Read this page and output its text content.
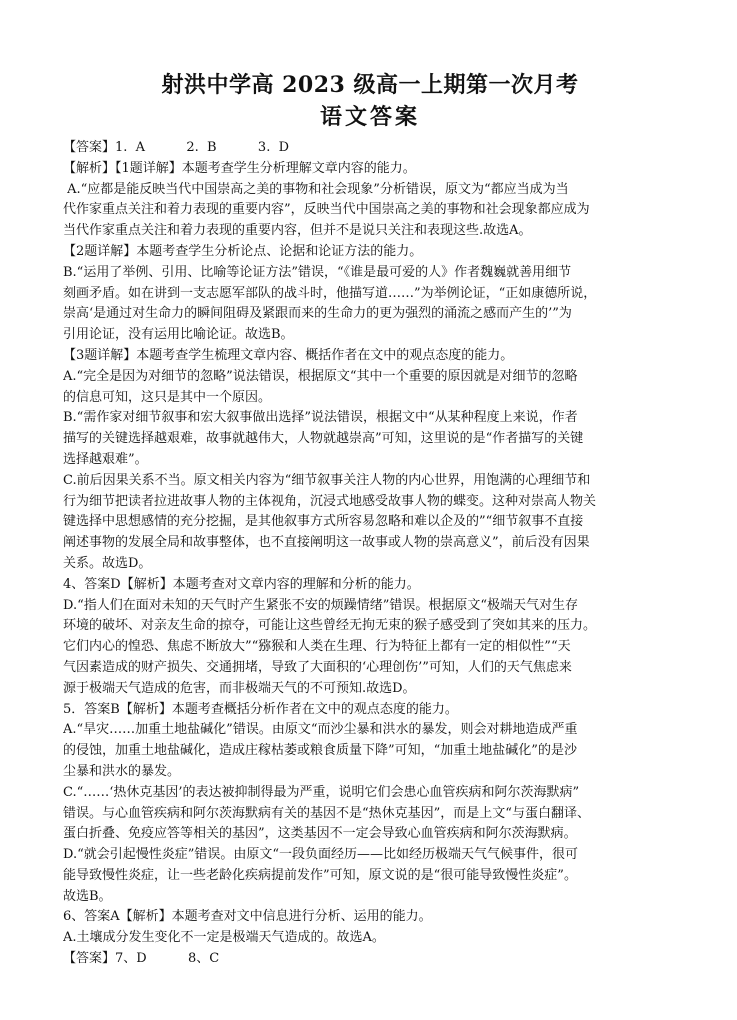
射洪中学高 2023 级高一上期第一次月考
语文答案
【答案】1.  A          2.  B          3.  D
【解析】【1题详解】本题考查学生分析理解文章内容的能力。
A.“应都是能反映当代中国崇高之美的事物和社会现象”分析错误，原文为“都应当成为当
代作家重点关注和着力表现的重要内容”，反映当代中国崇高之美的事物和社会现象都应成为
当代作家重点关注和着力表现的重要内容，但并不是说只关注和表现这些.故选A。
【2题详解】本题考查学生分析论点、论据和论证方法的能力。
B.“运用了举例、引用、比喻等论证方法”错误，“《谁是最可爱的人》作者魏巍就善用细节
刻画矛盾。如在讲到一支志愿军部队的战斗时，他描写道……”为举例论证，“正如康德所说，
崇高‘是通过对生命力的瞬间阻碍及紧跟而来的生命力的更为强烈的涌流之感而产生的’”为
引用论证，没有运用比喻论证。故选B。
【3题详解】本题考查学生梳理文章内容、概括作者在文中的观点态度的能力。
A.“完全是因为对细节的忽略”说法错误，根据原文“其中一个重要的原因就是对细节的忽略
的信息可知，这只是其中一个原因。
B.“需作家对细节叙事和宏大叙事做出选择”说法错误，根据文中“从某种程度上来说，作者
描写的关键选择越艰难，故事就越伟大，人物就越崇高”可知，这里说的是“作者描写的关键
选择越艰难”。
C.前后因果关系不当。原文相关内容为“细节叙事关注人物的内心世界，用饱满的心理细节和
行为细节把读者拉进故事人物的主体视角，沉浸式地感受故事人物的蝶变。这种对崇高人物关
键选择中思想感情的充分挖掘，是其他叙事方式所容易忽略和难以企及的”“细节叙事不直接
阐述事物的发展全局和故事整体，也不直接阐明这一故事或人物的崇高意义”，前后没有因果
关系。故选D。
4、答案D【解析】本题考查对文章内容的理解和分析的能力。
D.“指人们在面对未知的天气时产生紧张不安的烦躁情绪”错误。根据原文“极端天气对生存
环境的破坏、对亲友生命的掠夺，可能让这些曾经无拘无束的猴子感受到了突如其来的压力。
它们内心的惶恐、焦虑不断放大”“猕猴和人类在生理、行为特征上都有一定的相似性”“天
气因素造成的财产损失、交通拥堵，导致了大面积的‘心理创伤’”可知，人们的天气焦虑来
源于极端天气造成的危害，而非极端天气的不可预知.故选D。
5．答案B【解析】本题考查概括分析作者在文中的观点态度的能力。
A.“旱灾……加重土地盐碱化”错误。由原文“而沙尘暴和洪水的暴发，则会对耕地造成严重
的侵蚀，加重土地盐碱化，造成庄稼枯萎或粮食质量下降”可知，“加重土地盐碱化”的是沙
尘暴和洪水的暴发。
C.“……‘热休克基因’的表达被抑制得最为严重，说明它们会患心血管疾病和阿尔茨海默病”
错误。与心血管疾病和阿尔茨海默病有关的基因不是“热休克基因”，而是上文“与蛋白翻译、
蛋白折叠、免疫应答等相关的基因”，这类基因不一定会导致心血管疾病和阿尔茨海默病。
D.“就会引起慢性炎症”错误。由原文“一段负面经历——比如经历极端天气气候事件，很可
能导致慢性炎症，让一些老龄化疾病提前发作”可知，原文说的是“很可能导致慢性炎症”。
故选B。
6、答案A【解析】本题考查对文中信息进行分析、运用的能力。
A.土壤成分发生变化不一定是极端天气造成的。故选A。
【答案】7、D          8、C
